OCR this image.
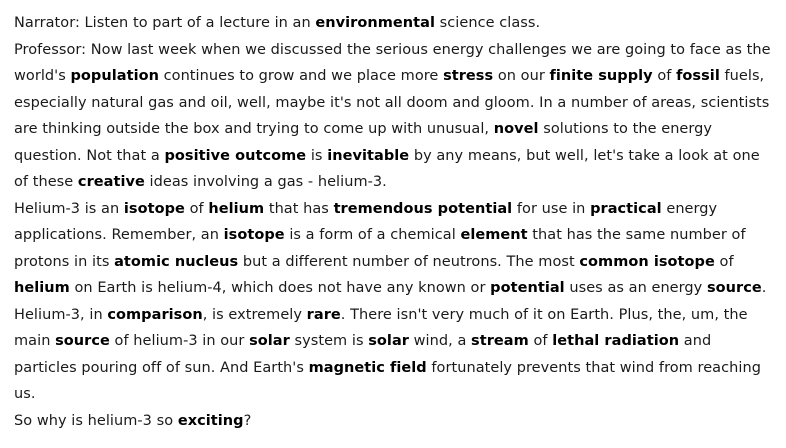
Narrator: Listen to part of a lecture in an environmental science class.

Professor: Now last week when we discussed the serious energy challenges we are going to face as the world's population continues to grow and we place more stress on our finite supply of fossil fuels, especially natural gas and oil, well, maybe it's not all doom and gloom. In a number of areas, scientists are thinking outside the box and trying to come up with unusual, novel solutions to the energy question. Not that a positive outcome is inevitable by any means, but well, let's take a look at one of these creative ideas involving a gas - helium-3.

Helium-3 is an isotope of helium that has tremendous potential for use in practical energy applications. Remember, an isotope is a form of a chemical element that has the same number of protons in its atomic nucleus but a different number of neutrons. The most common isotope of helium on Earth is helium-4, which does not have any known or potential uses as an energy source. Helium-3, in comparison, is extremely rare. There isn't very much of it on Earth. Plus, the, um, the main source of helium-3 in our solar system is solar wind, a stream of lethal radiation and particles pouring off of sun. And Earth's magnetic field fortunately prevents that wind from reaching us.

So why is helium-3 so exciting?
